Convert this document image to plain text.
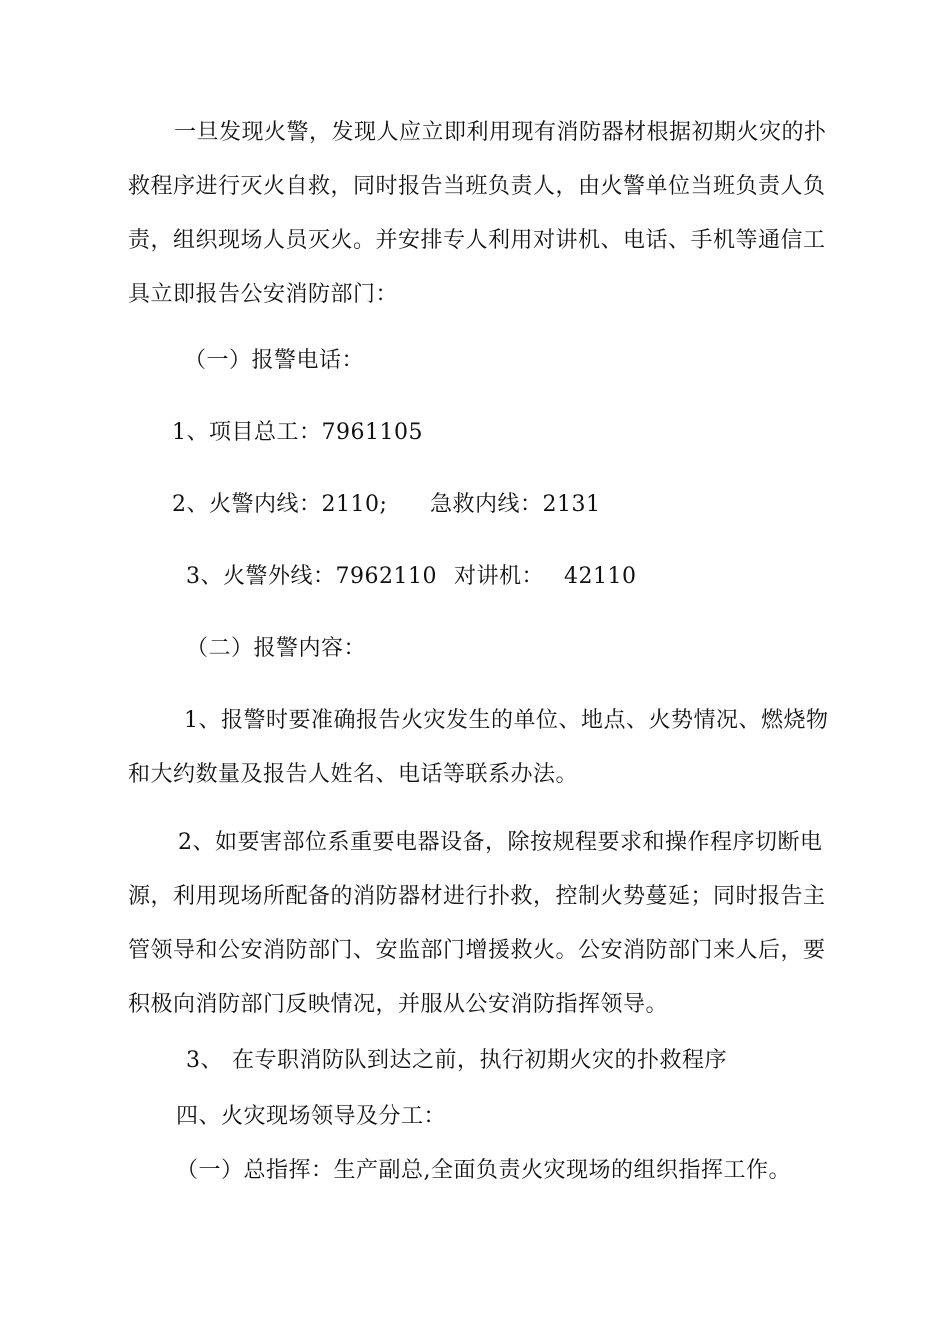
一旦发现火警，发现人应立即利用现有消防器材根据初期火灾的扑
救程序进行灭火自救，同时报告当班负责人，由火警单位当班负责人负
责，组织现场人员灭火。并安排专人利用对讲机、电话、手机等通信工
具立即报告公安消防部门：
（一）报警电话：
1、项目总工：7961105
2、火警内线：2110; 急救内线：2131
3、火警外线：7962110 对讲机： 42110
（二）报警内容：
1、报警时要准确报告火灾发生的单位、地点、火势情况、燃烧物
和大约数量及报告人姓名、电话等联系办法。
2、如要害部位系重要电器设备，除按规程要求和操作程序切断电
源，利用现场所配备的消防器材进行扑救，控制火势蔓延；同时报告主
管领导和公安消防部门、安监部门增援救火。公安消防部门来人后，要
积极向消防部门反映情况，并服从公安消防指挥领导。
3、 在专职消防队到达之前，执行初期火灾的扑救程序
四、火灾现场领导及分工：
（一）总指挥：生产副总,全面负责火灾现场的组织指挥工作。
